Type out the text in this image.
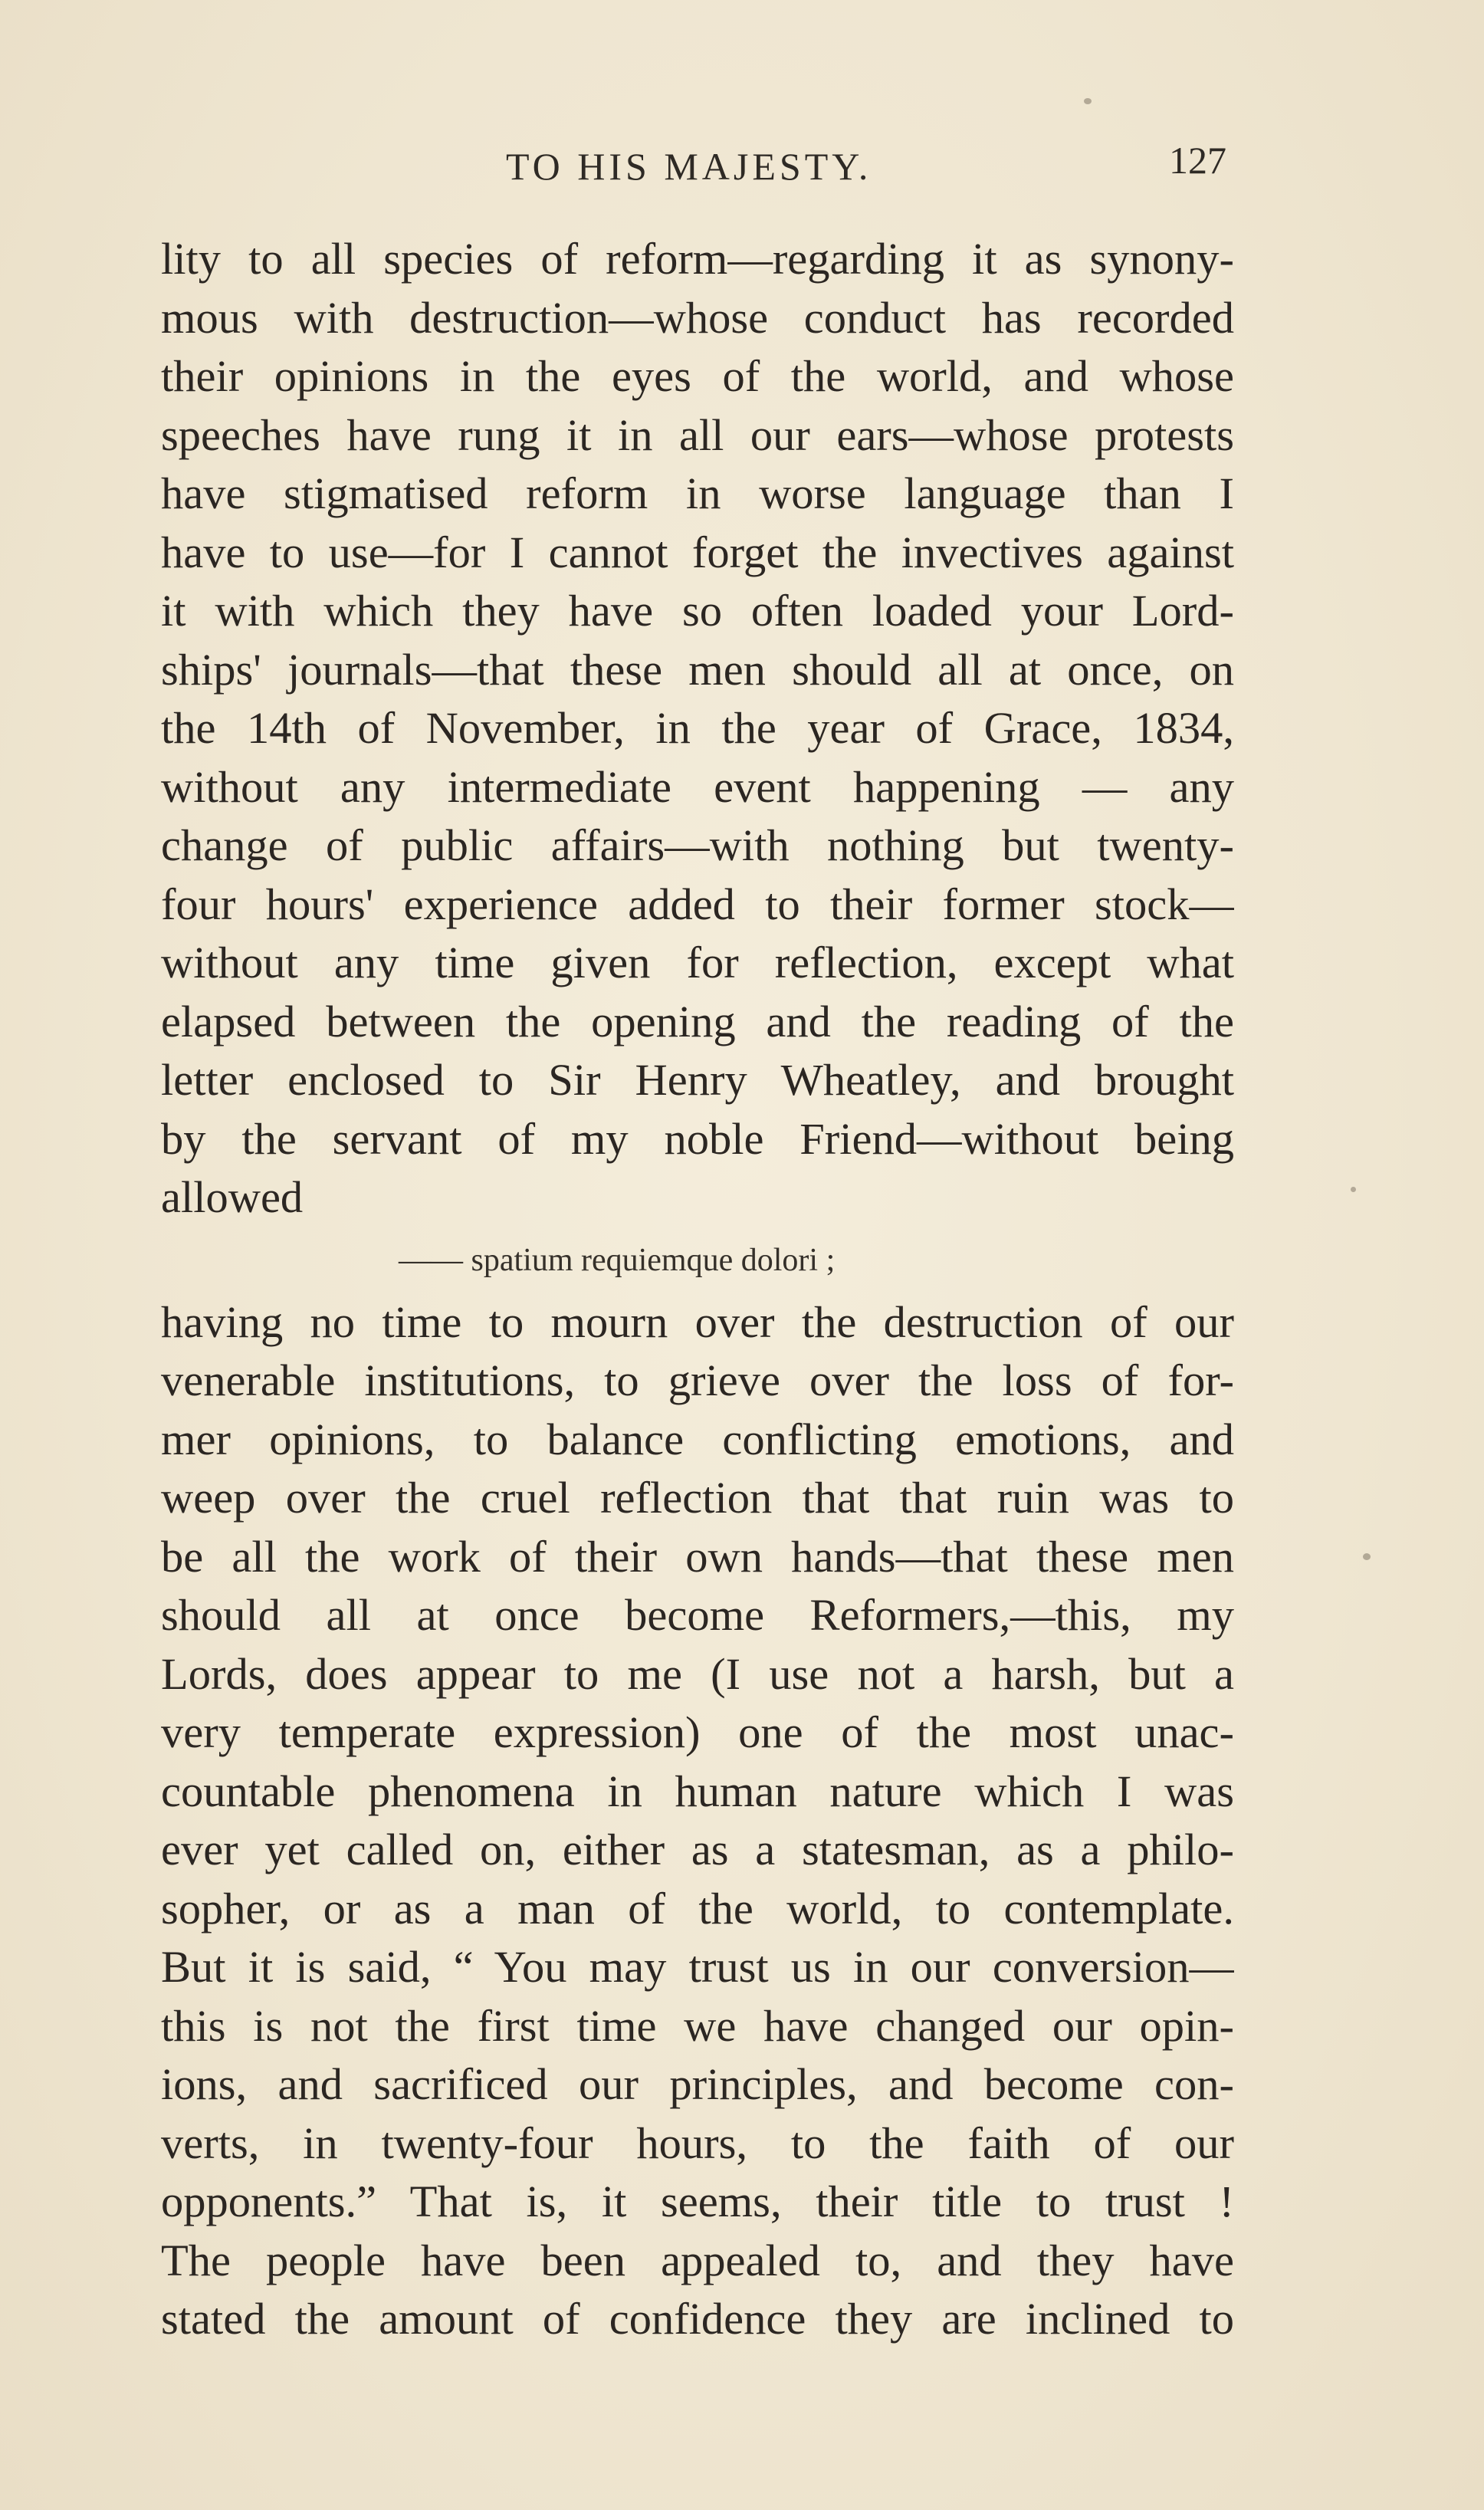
TO HIS MAJESTY.	127
lity to all species of reform—regarding it as synony-
mous with destruction—whose conduct has recorded
their opinions in the eyes of the world, and whose
speeches have rung it in all our ears—whose protests
have stigmatised reform in worse language than I
have to use—for I cannot forget the invectives against
it with which they have so often loaded your Lord-
ships' journals—that these men should all at once, on
the 14th of November, in the year of Grace, 1834,
without any intermediate event happening — any
change of public affairs—with nothing but twenty-
four hours' experience added to their former stock—
without any time given for reflection, except what
elapsed between the opening and the reading of the
letter enclosed to Sir Henry Wheatley, and brought
by the servant of my noble Friend—without being
allowed
—— spatium requiemque dolori ;
having no time to mourn over the destruction of our
venerable institutions, to grieve over the loss of for-
mer opinions, to balance conflicting emotions, and
weep over the cruel reflection that that ruin was to
be all the work of their own hands—that these men
should all at once become Reformers,—this, my
Lords, does appear to me (I use not a harsh, but a
very temperate expression) one of the most unac-
countable phenomena in human nature which I was
ever yet called on, either as a statesman, as a philo-
sopher, or as a man of the world, to contemplate.
But it is said, “ You may trust us in our conversion—
this is not the first time we have changed our opin-
ions, and sacrificed our principles, and become con-
verts, in twenty-four hours, to the faith of our
opponents.” That is, it seems, their title to trust !
The people have been appealed to, and they have
stated the amount of confidence they are inclined to
